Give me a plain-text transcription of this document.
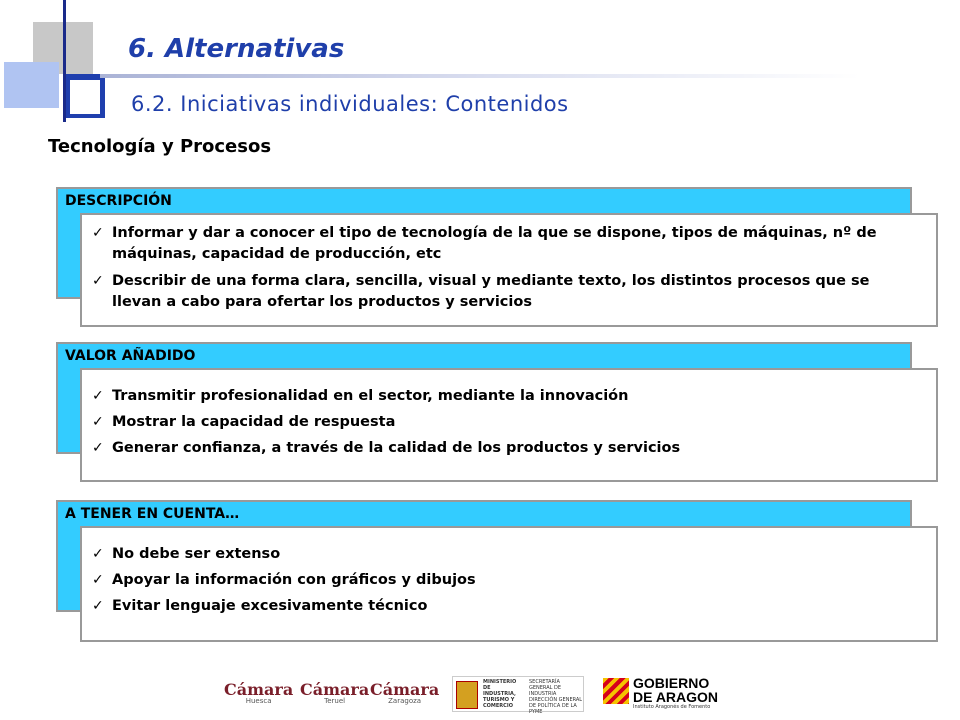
6. Alternativas
6.2. Iniciativas individuales: Contenidos
Tecnología y Procesos
DESCRIPCIÓN
✓ Informar y dar a conocer el tipo de tecnología de la que se dispone, tipos de máquinas, nº de máquinas, capacidad de producción, etc
✓ Describir de una forma clara, sencilla, visual y mediante texto, los distintos procesos que se llevan a cabo para ofertar los productos y servicios
VALOR AÑADIDO
✓ Transmitir profesionalidad en el sector, mediante la innovación
✓ Mostrar la capacidad de respuesta
✓ Generar confianza, a través de la calidad de los productos y servicios
A TENER EN CUENTA…
✓ No debe ser extenso
✓ Apoyar la información con gráficos y dibujos
✓ Evitar lenguaje excesivamente técnico
Cámara
Huesca
Cámara
Teruel
Cámara
Zaragoza
MINISTERIO DE INDUSTRIA, TURISMO Y COMERCIO
SECRETARÍA GENERAL DE INDUSTRIA DIRECCIÓN GENERAL DE POLÍTICA DE LA PYME
GOBIERNO
DE ARAGON
Instituto Aragonés de Fomento
